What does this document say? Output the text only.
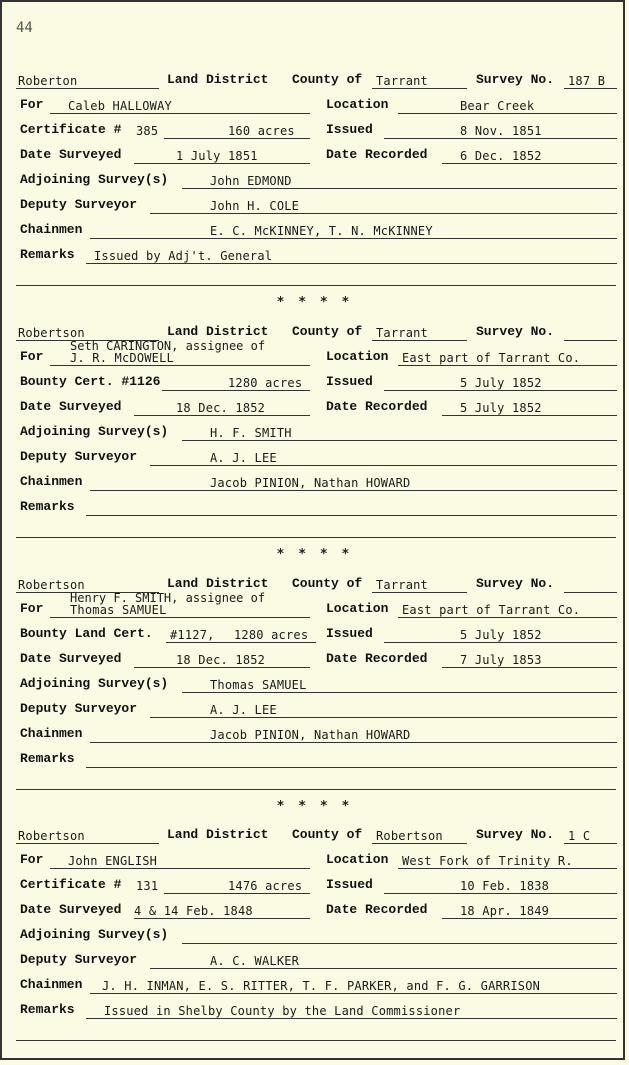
44
Roberton	Land District County of Tarrant	Survey No. 187 B
For Caleb HALLOWAY	Location	Bear Creek
Certificate # 385	160 acres Issued	8 Nov. 1851
Date Surveyed	1 July 1851	Date Recorded	6 Dec. 1852
Adjoining Survey(s)	John EDMOND
Deputy Surveyor	John H. COLE
Chainmen	E. C. McKINNEY, T. N. McKINNEY
Remarks Issued by Adj't. General
* * * *
Robertson	Land District County of Tarrant	Survey No.
For
Seth CARINGTON, assignee of
J. R. McDOWELL	Location East part of Tarrant Co.
Bounty Cert. #1126	1280 acres Issued	5 July 1852
Date Surveyed	18 Dec. 1852	Date Recorded	5 July 1852
Adjoining Survey(s)	H. F. SMITH
Deputy Surveyor	A. J. LEE
Chainmen	Jacob PINION, Nathan HOWARD
Remarks
* * * *
Robertson	Land District County of Tarrant	Survey No.
For
Henry F. SMITH, assignee of
Thomas SAMUEL	Location East part of Tarrant Co.
Bounty Land Cert. #1127, 1280 acres Issued	5 July 1852
Date Surveyed	18 Dec. 1852	Date Recorded	7 July 1853
Adjoining Survey(s)	Thomas SAMUEL
Deputy Surveyor	A. J. LEE
Chainmen	Jacob PINION, Nathan HOWARD
Remarks
* * * *
Robertson	Land District County of Robertson	Survey No. 1 C
For John ENGLISH	Location West Fork of Trinity R.
Certificate # 131	1476 acres Issued	10 Feb. 1838
Date Surveyed 4 & 14 Feb. 1848	Date Recorded	18 Apr. 1849
Adjoining Survey(s)
Deputy Surveyor	A. C. WALKER
Chainmen J. H. INMAN, E. S. RITTER, T. F. PARKER, and F. G. GARRISON
Remarks Issued in Shelby County by the Land Commissioner
